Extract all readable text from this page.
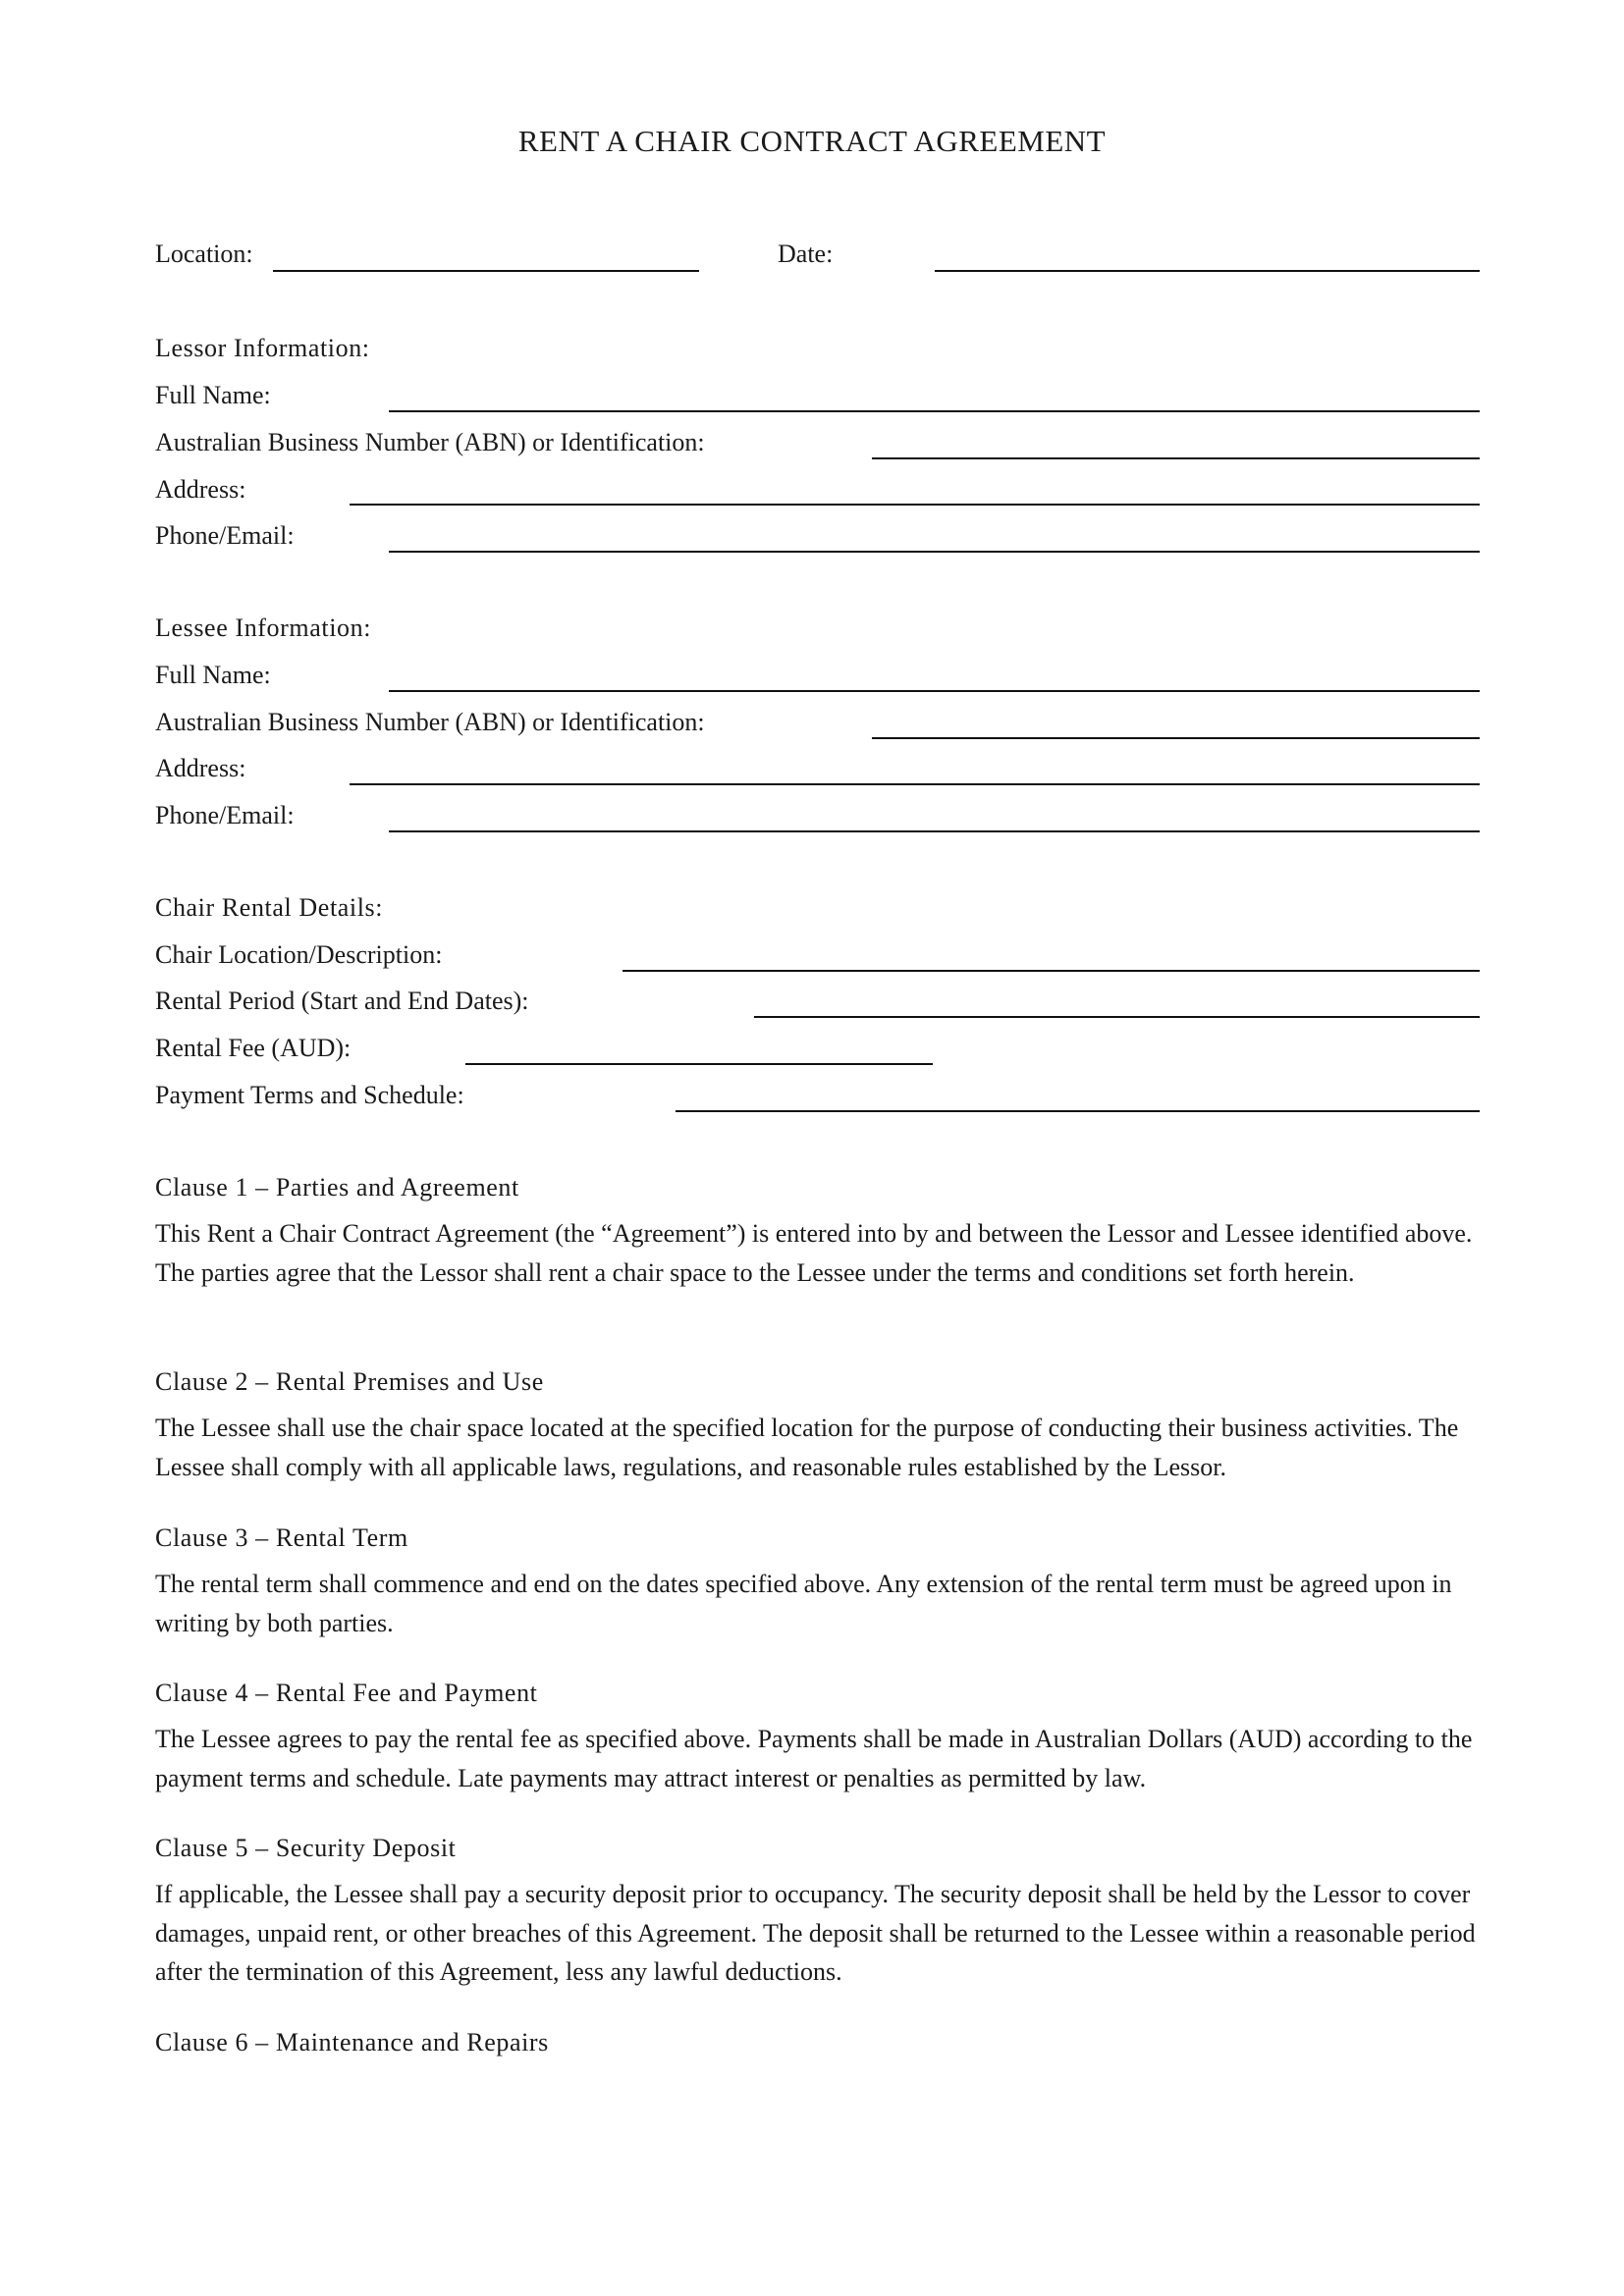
RENT A CHAIR CONTRACT AGREEMENT
Location:	Date:
Lessor Information:
Full Name:
Australian Business Number (ABN) or Identification:
Address:
Phone/Email:
Lessee Information:
Full Name:
Australian Business Number (ABN) or Identification:
Address:
Phone/Email:
Chair Rental Details:
Chair Location/Description:
Rental Period (Start and End Dates):
Rental Fee (AUD):
Payment Terms and Schedule:
Clause 1 – Parties and Agreement
This Rent a Chair Contract Agreement (the “Agreement”) is entered into by and between the Lessor and Lessee identified above. The parties agree that the Lessor shall rent a chair space to the Lessee under the terms and conditions set forth herein.
Clause 2 – Rental Premises and Use
The Lessee shall use the chair space located at the specified location for the purpose of conducting their business activities. The Lessee shall comply with all applicable laws, regulations, and reasonable rules established by the Lessor.
Clause 3 – Rental Term
The rental term shall commence and end on the dates specified above. Any extension of the rental term must be agreed upon in writing by both parties.
Clause 4 – Rental Fee and Payment
The Lessee agrees to pay the rental fee as specified above. Payments shall be made in Australian Dollars (AUD) according to the payment terms and schedule. Late payments may attract interest or penalties as permitted by law.
Clause 5 – Security Deposit
If applicable, the Lessee shall pay a security deposit prior to occupancy. The security deposit shall be held by the Lessor to cover damages, unpaid rent, or other breaches of this Agreement. The deposit shall be returned to the Lessee within a reasonable period after the termination of this Agreement, less any lawful deductions.
Clause 6 – Maintenance and Repairs
